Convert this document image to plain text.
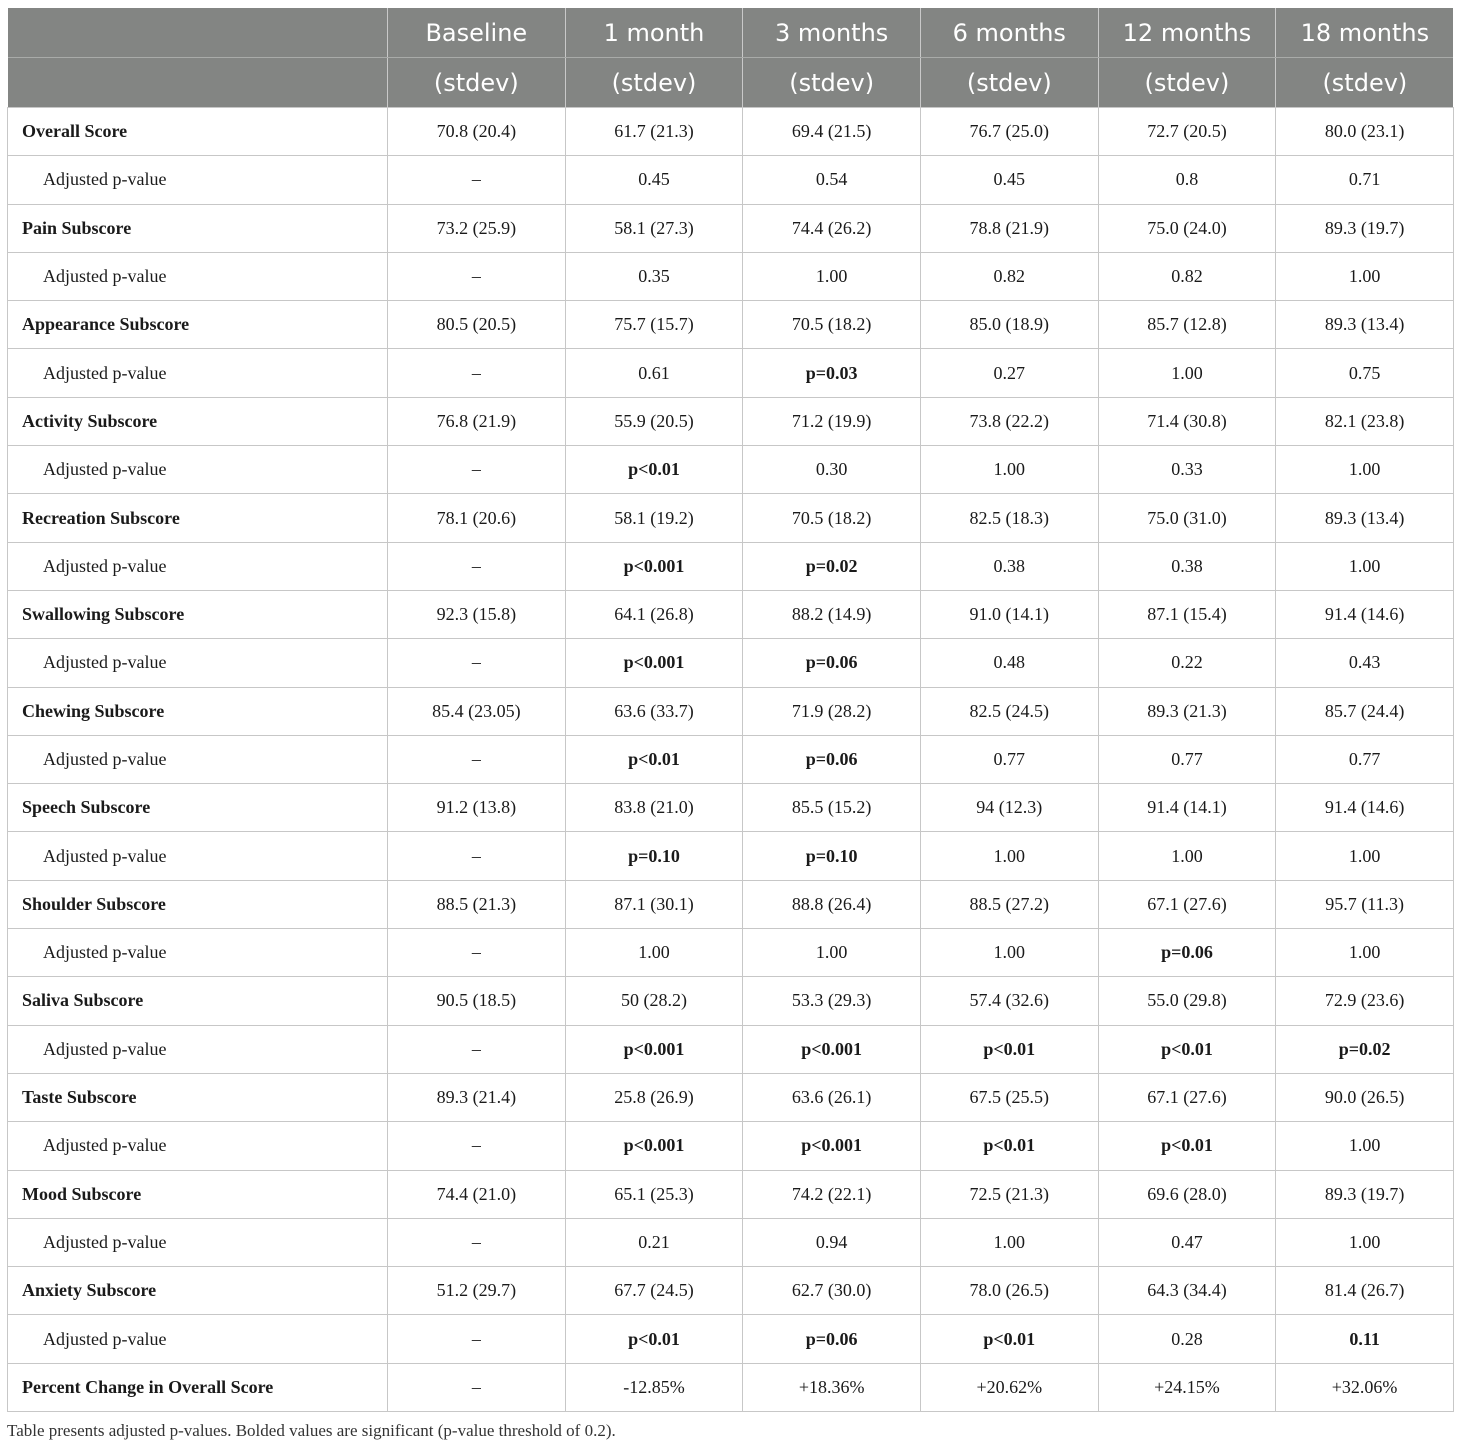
	Baseline	1 month	3 months	6 months	12 months	18 months
	(stdev)	(stdev)	(stdev)	(stdev)	(stdev)	(stdev)
Overall Score	70.8 (20.4)	61.7 (21.3)	69.4 (21.5)	76.7 (25.0)	72.7 (20.5)	80.0 (23.1)
Adjusted p-value	–	0.45	0.54	0.45	0.8	0.71
Pain Subscore	73.2 (25.9)	58.1 (27.3)	74.4 (26.2)	78.8 (21.9)	75.0 (24.0)	89.3 (19.7)
Adjusted p-value	–	0.35	1.00	0.82	0.82	1.00
Appearance Subscore	80.5 (20.5)	75.7 (15.7)	70.5 (18.2)	85.0 (18.9)	85.7 (12.8)	89.3 (13.4)
Adjusted p-value	–	0.61	p=0.03	0.27	1.00	0.75
Activity Subscore	76.8 (21.9)	55.9 (20.5)	71.2 (19.9)	73.8 (22.2)	71.4 (30.8)	82.1 (23.8)
Adjusted p-value	–	p<0.01	0.30	1.00	0.33	1.00
Recreation Subscore	78.1 (20.6)	58.1 (19.2)	70.5 (18.2)	82.5 (18.3)	75.0 (31.0)	89.3 (13.4)
Adjusted p-value	–	p<0.001	p=0.02	0.38	0.38	1.00
Swallowing Subscore	92.3 (15.8)	64.1 (26.8)	88.2 (14.9)	91.0 (14.1)	87.1 (15.4)	91.4 (14.6)
Adjusted p-value	–	p<0.001	p=0.06	0.48	0.22	0.43
Chewing Subscore	85.4 (23.05)	63.6 (33.7)	71.9 (28.2)	82.5 (24.5)	89.3 (21.3)	85.7 (24.4)
Adjusted p-value	–	p<0.01	p=0.06	0.77	0.77	0.77
Speech Subscore	91.2 (13.8)	83.8 (21.0)	85.5 (15.2)	94 (12.3)	91.4 (14.1)	91.4 (14.6)
Adjusted p-value	–	p=0.10	p=0.10	1.00	1.00	1.00
Shoulder Subscore	88.5 (21.3)	87.1 (30.1)	88.8 (26.4)	88.5 (27.2)	67.1 (27.6)	95.7 (11.3)
Adjusted p-value	–	1.00	1.00	1.00	p=0.06	1.00
Saliva Subscore	90.5 (18.5)	50 (28.2)	53.3 (29.3)	57.4 (32.6)	55.0 (29.8)	72.9 (23.6)
Adjusted p-value	–	p<0.001	p<0.001	p<0.01	p<0.01	p=0.02
Taste Subscore	89.3 (21.4)	25.8 (26.9)	63.6 (26.1)	67.5 (25.5)	67.1 (27.6)	90.0 (26.5)
Adjusted p-value	–	p<0.001	p<0.001	p<0.01	p<0.01	1.00
Mood Subscore	74.4 (21.0)	65.1 (25.3)	74.2 (22.1)	72.5 (21.3)	69.6 (28.0)	89.3 (19.7)
Adjusted p-value	–	0.21	0.94	1.00	0.47	1.00
Anxiety Subscore	51.2 (29.7)	67.7 (24.5)	62.7 (30.0)	78.0 (26.5)	64.3 (34.4)	81.4 (26.7)
Adjusted p-value	–	p<0.01	p=0.06	p<0.01	0.28	0.11
Percent Change in Overall Score	–	-12.85%	+18.36%	+20.62%	+24.15%	+32.06%
Table presents adjusted p-values. Bolded values are significant (p-value threshold of 0.2).
